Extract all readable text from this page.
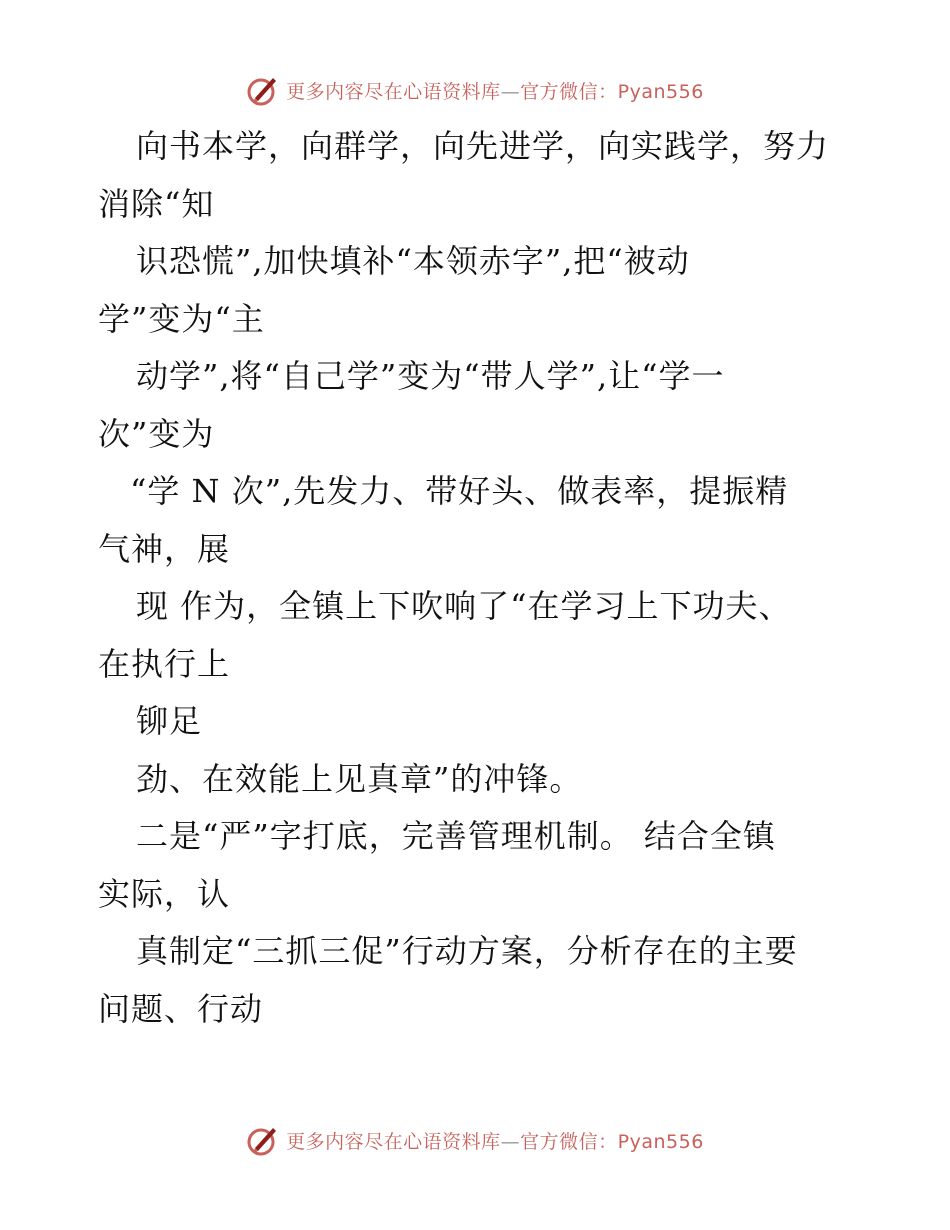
更多内容尽在心语资料库—官方微信：Pyan556
向书本学，向群学，向先进学，向实践学，努力
消除“知
识恐慌”,加快填补“本领赤字”,把“被动
学”变为“主
动学”,将“自己学”变为“带人学”,让“学一
次”变为
“学 N 次”,先发力、带好头、做表率，提振精
气神，展
现 作为，全镇上下吹响了“在学习上下功夫、
在执行上
铆足
劲、在效能上见真章”的冲锋。
二是“严”字打底，完善管理机制。 结合全镇
实际，认
真制定“三抓三促”行动方案，分析存在的主要
问题、行动
更多内容尽在心语资料库—官方微信：Pyan556
